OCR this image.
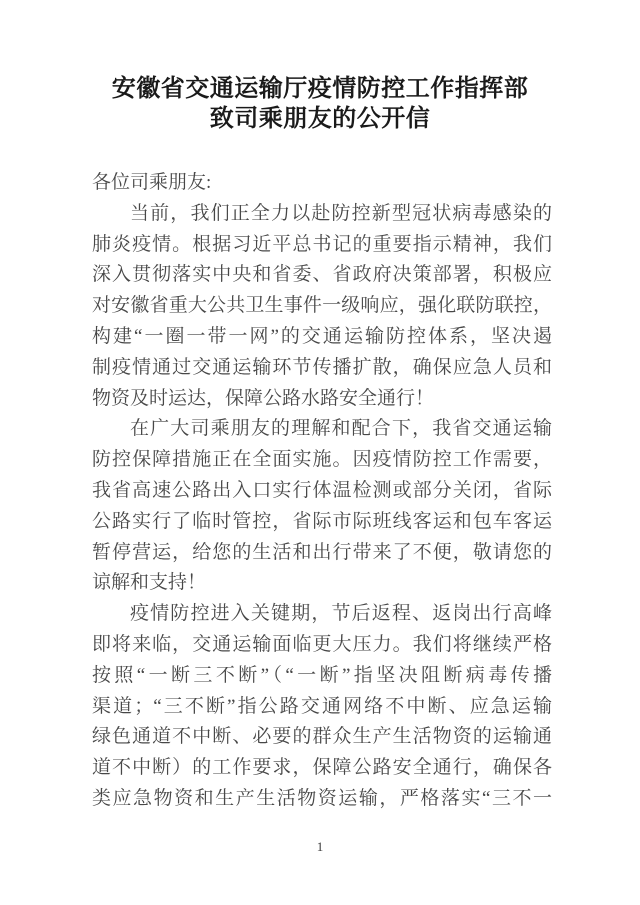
安徽省交通运输厅疫情防控工作指挥部
致司乘朋友的公开信
各位司乘朋友:
当前，我们正全力以赴防控新型冠状病毒感染的
肺炎疫情。根据习近平总书记的重要指示精神，我们
深入贯彻落实中央和省委、省政府决策部署，积极应
对安徽省重大公共卫生事件一级响应，强化联防联控，
构建“一圈一带一网”的交通运输防控体系，坚决遏
制疫情通过交通运输环节传播扩散，确保应急人员和
物资及时运达，保障公路水路安全通行！
在广大司乘朋友的理解和配合下，我省交通运输
防控保障措施正在全面实施。因疫情防控工作需要，
我省高速公路出入口实行体温检测或部分关闭，省际
公路实行了临时管控，省际市际班线客运和包车客运
暂停营运，给您的生活和出行带来了不便，敬请您的
谅解和支持！
疫情防控进入关键期，节后返程、返岗出行高峰
即将来临，交通运输面临更大压力。我们将继续严格
按照“一断三不断”（“一断”指坚决阻断病毒传播
渠道；“三不断”指公路交通网络不中断、应急运输
绿色通道不中断、必要的群众生产生活物资的运输通
道不中断）的工作要求，保障公路安全通行，确保各
类应急物资和生产生活物资运输，严格落实“三不一
1
